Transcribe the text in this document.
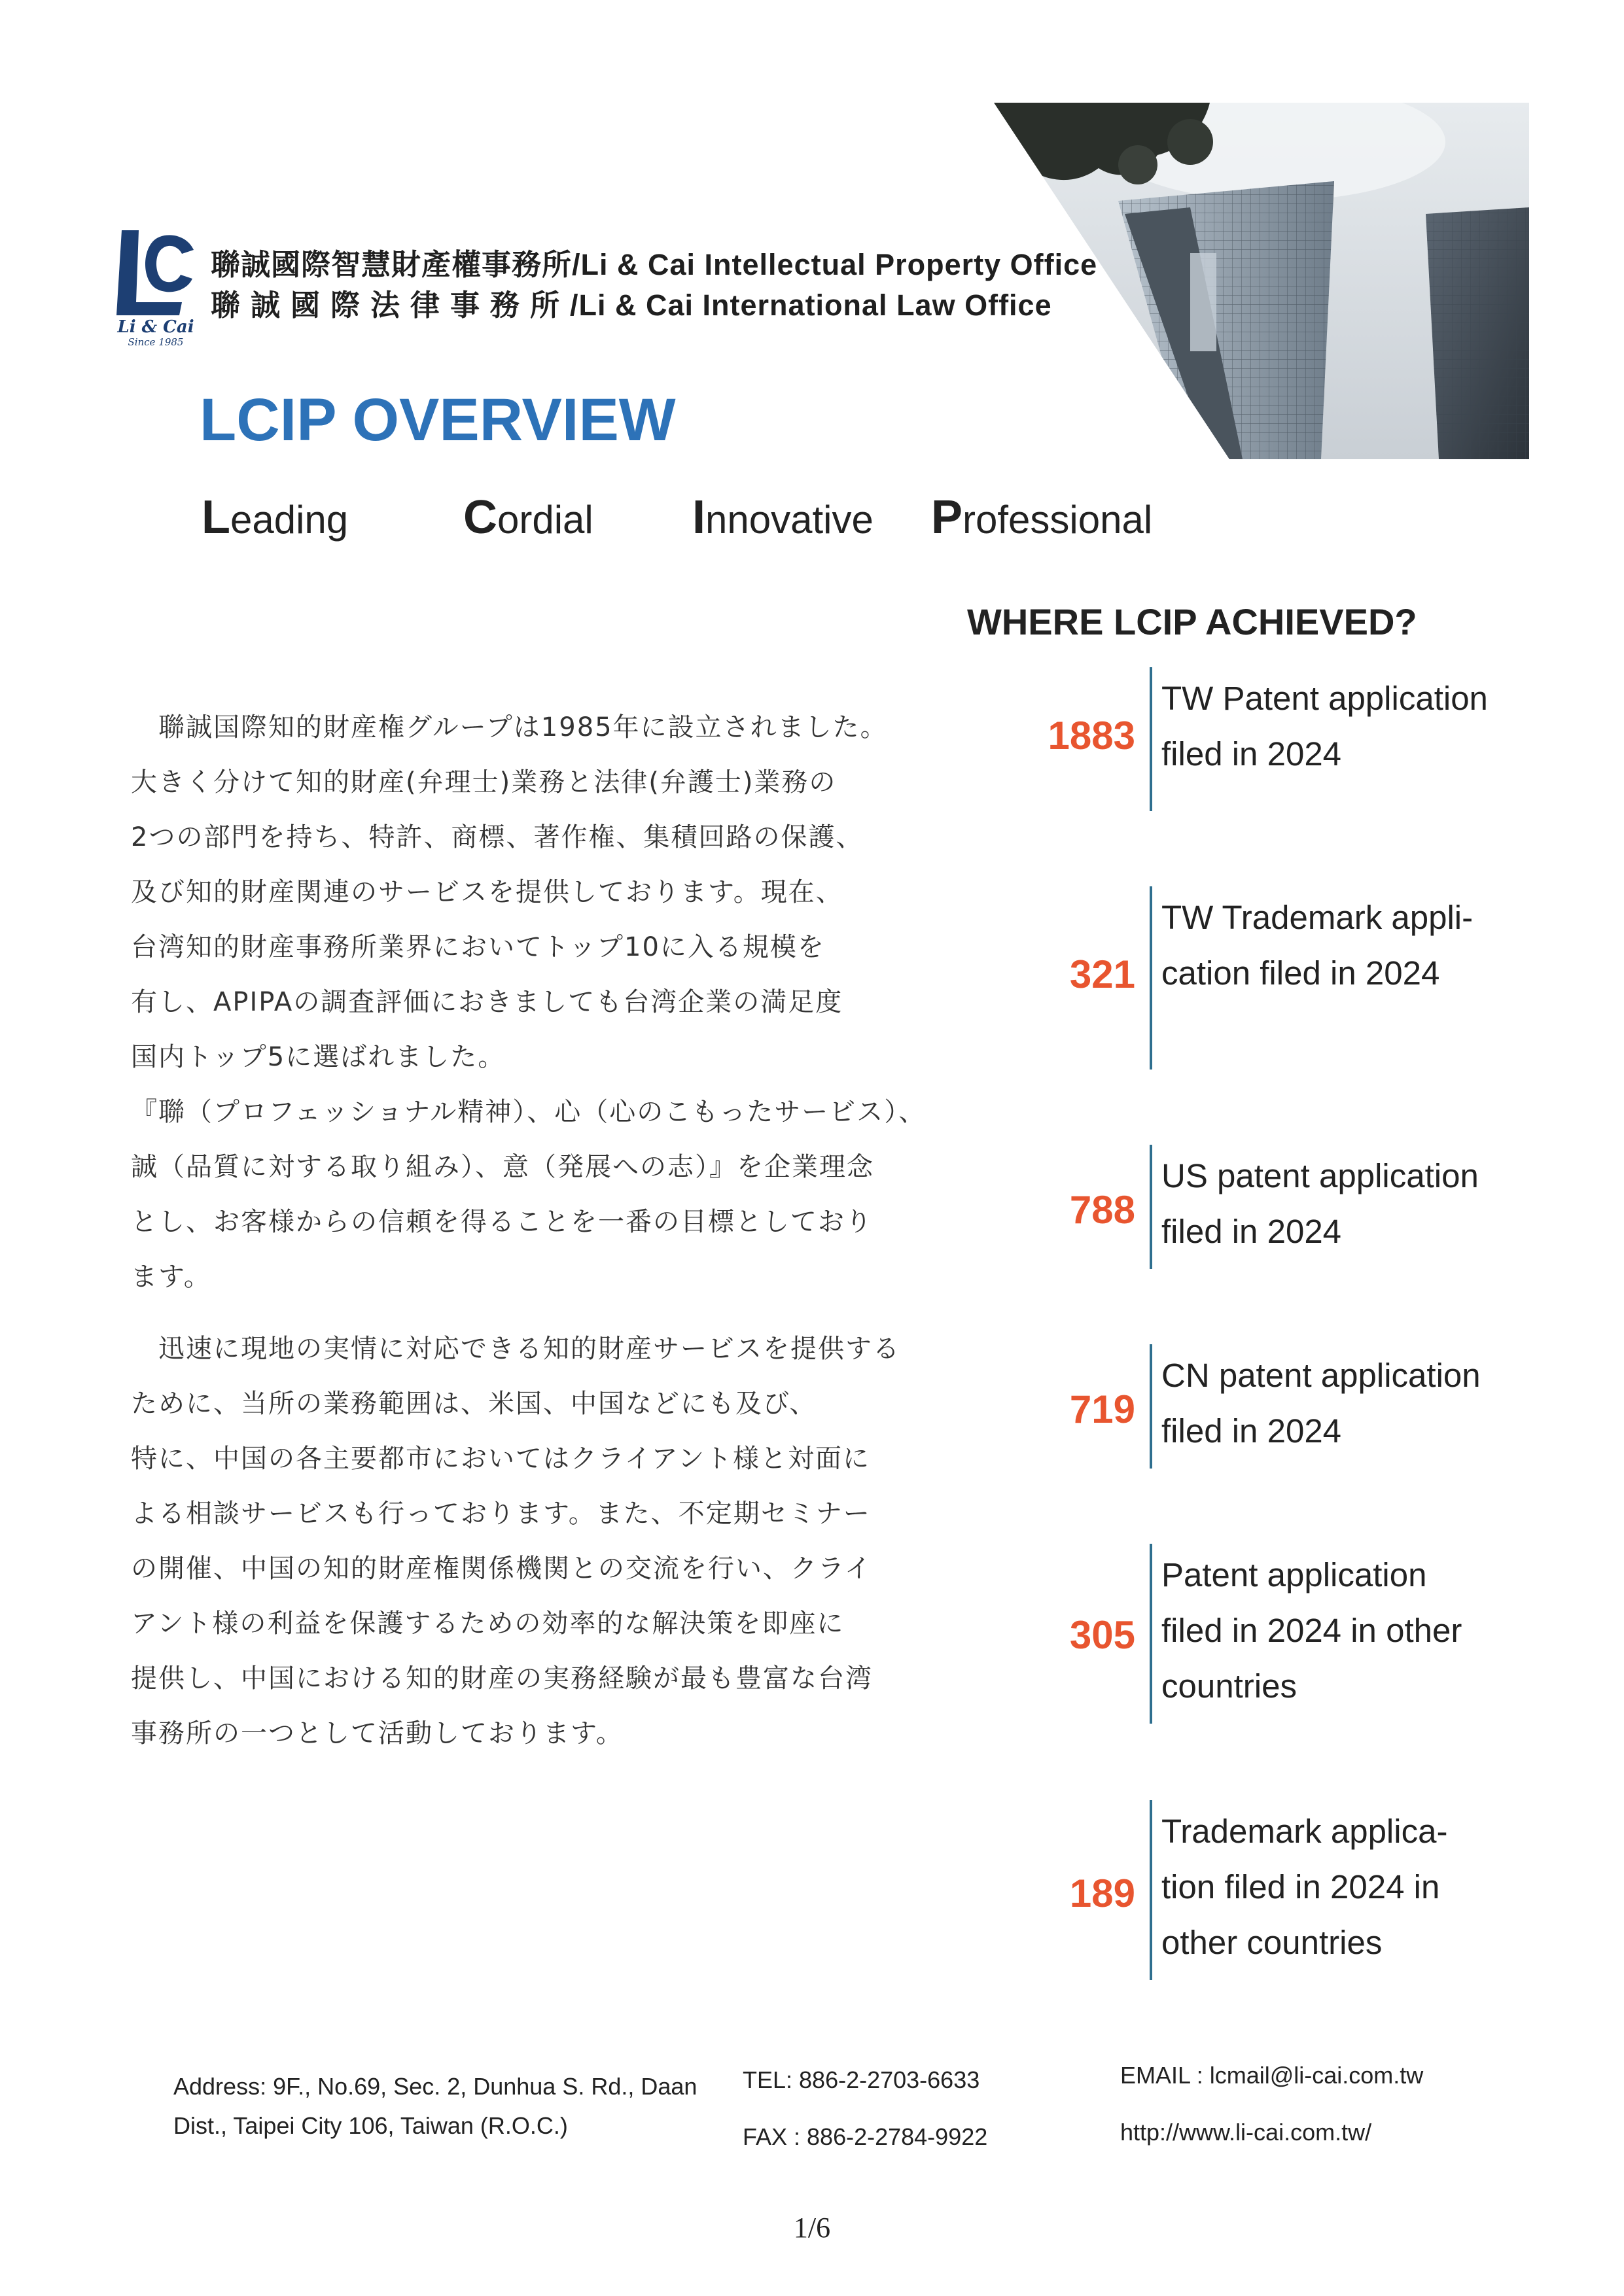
Li & Cai
Since 1985
聯誠國際智慧財產權事務所/Li & Cai Intellectual Property Office
聯誠國際法律事務所/Li & Cai International Law Office
LCIP OVERVIEW
Leading Cordial Innovative Professional
WHERE LCIP ACHIEVED?

　聯誠国際知的財産権グループは1985年に設立されました。

大きく分けて知的財産(弁理士)業務と法律(弁護士)業務の

2つの部門を持ち、特許、商標、著作権、集積回路の保護、

及び知的財産関連のサービスを提供しております。現在、

台湾知的財産事務所業界においてトップ10に入る規模を

有し、APIPAの調査評価におきましても台湾企業の満足度

国内トップ5に選ばれました。

『聯（プロフェッショナル精神）、心（心のこもったサービス）、

誠（品質に対する取り組み）、意（発展への志）』を企業理念

とし、お客様からの信頼を得ることを一番の目標としており

ます。

　迅速に現地の実情に対応できる知的財産サービスを提供する

ために、当所の業務範囲は、米国、中国などにも及び、

特に、中国の各主要都市においてはクライアント様と対面に

よる相談サービスも行っております。また、不定期セミナー

の開催、中国の知的財産権関係機関との交流を行い、クライ

アント様の利益を保護するための効率的な解決策を即座に

提供し、中国における知的財産の実務経験が最も豊富な台湾

事務所の一つとして活動しております。

1883
TW Patent application
filed in 2024
321
TW Trademark appli-
cation filed in 2024
788
US patent application
filed in 2024
719
CN patent application
filed in 2024
305
Patent application
filed in 2024 in other
countries
189
Trademark applica-
tion filed in 2024 in
other countries
Address: 9F., No.69, Sec. 2, Dunhua S. Rd., Daan
Dist., Taipei City 106, Taiwan (R.O.C.)
TEL: 886-2-2703-6633
FAX : 886-2-2784-9922
EMAIL : lcmail@li-cai.com.tw
http://www.li-cai.com.tw/
1/6
